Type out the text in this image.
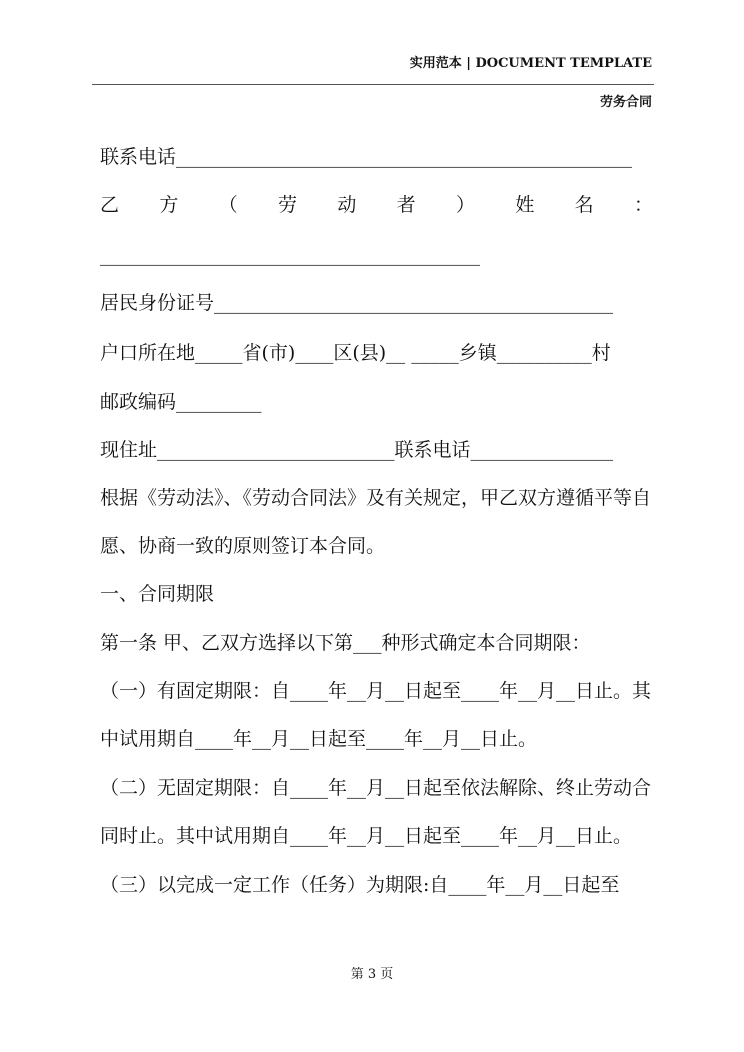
实用范本 | DOCUMENT TEMPLATE
劳务合同
联系电话________________________________________________
乙 方 （ 劳 动 者 ） 姓 名 ：
________________________________________
居民身份证号__________________________________________
户口所在地_____省(市)____区(县)__ _____乡镇__________村
邮政编码_________
现住址_________________________联系电话_______________
根据《劳动法》、《劳动合同法》及有关规定，甲乙双方遵循平等自
愿、协商一致的原则签订本合同。
一、合同期限
第一条 甲、乙双方选择以下第___种形式确定本合同期限：
（一）有固定期限：自____年__月__日起至____年__月__日止。其
中试用期自____年__月__日起至____年__月__日止。
（二）无固定期限：自____年__月__日起至依法解除、终止劳动合
同时止。其中试用期自____年__月__日起至____年__月__日止。
（三）以完成一定工作（任务）为期限:自____年__月__日起至
第 3 页
